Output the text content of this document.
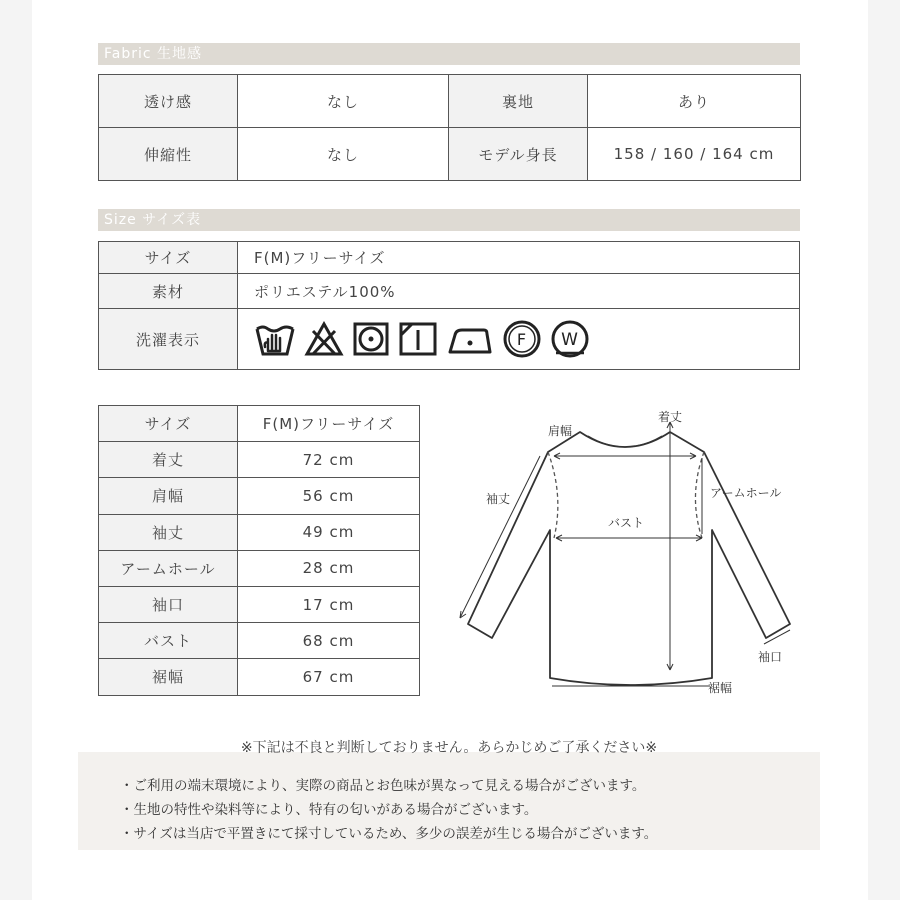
Fabric 生地感
透け感	なし	裏地	あり
伸縮性	なし	モデル身長	158 / 160 / 164 cm
Size サイズ表
サイズ	F(M)フリーサイズ
素材	ポリエステル100%
洗濯表示	F W
サイズ	F(M)フリーサイズ
着丈	72 cm
肩幅	56 cm
袖丈	49 cm
アームホール	28 cm
袖口	17 cm
バスト	68 cm
裾幅	67 cm
着丈
肩幅
袖丈	アームホール
バスト
袖口
裾幅
・ご利用の端末環境により、実際の商品とお色味が異なって見える場合がございます。
・生地の特性や染料等により、特有の匂いがある場合がございます。
・サイズは当店で平置きにて採寸しているため、多少の誤差が生じる場合がございます。
※下記は不良と判断しておりません。あらかじめご了承ください※
